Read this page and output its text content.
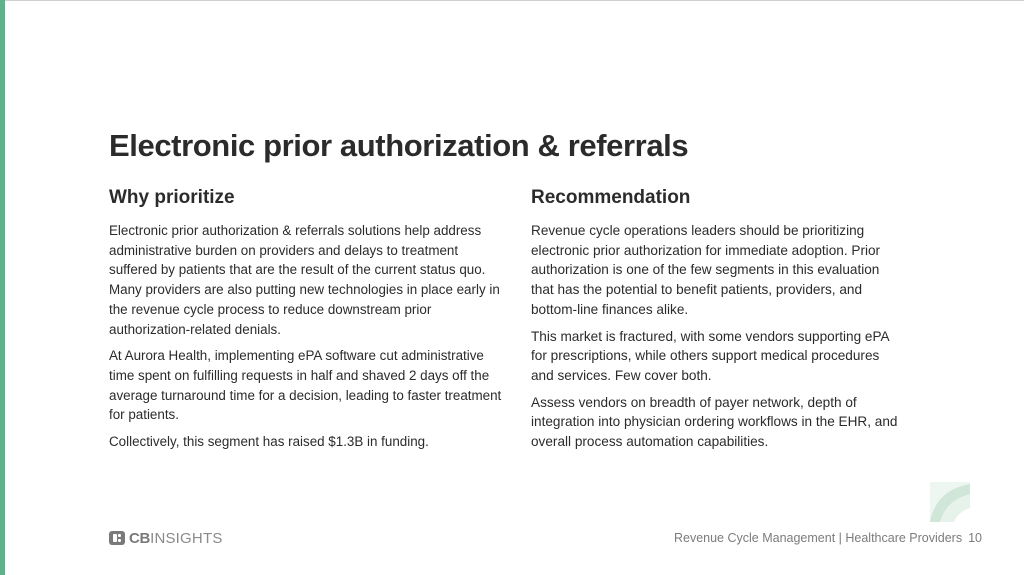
Electronic prior authorization & referrals
Why prioritize

Electronic prior authorization & referrals solutions help address administrative burden on providers and delays to treatment suffered by patients that are the result of the current status quo. Many providers are also putting new technologies in place early in the revenue cycle process to reduce downstream prior authorization-related denials.

At Aurora Health, implementing ePA software cut administrative time spent on fulfilling requests in half and shaved 2 days off the average turnaround time for a decision, leading to faster treatment for patients.

Collectively, this segment has raised $1.3B in funding.

Recommendation

Revenue cycle operations leaders should be prioritizing electronic prior authorization for immediate adoption. Prior authorization is one of the few segments in this evaluation that has the potential to benefit patients, providers, and bottom-line finances alike.

This market is fractured, with some vendors supporting ePA for prescriptions, while others support medical procedures and services. Few cover both.

Assess vendors on breadth of payer network, depth of integration into physician ordering workflows in the EHR, and overall process automation capabilities.

CB INSIGHTS	Revenue Cycle Management | Healthcare Providers 10
